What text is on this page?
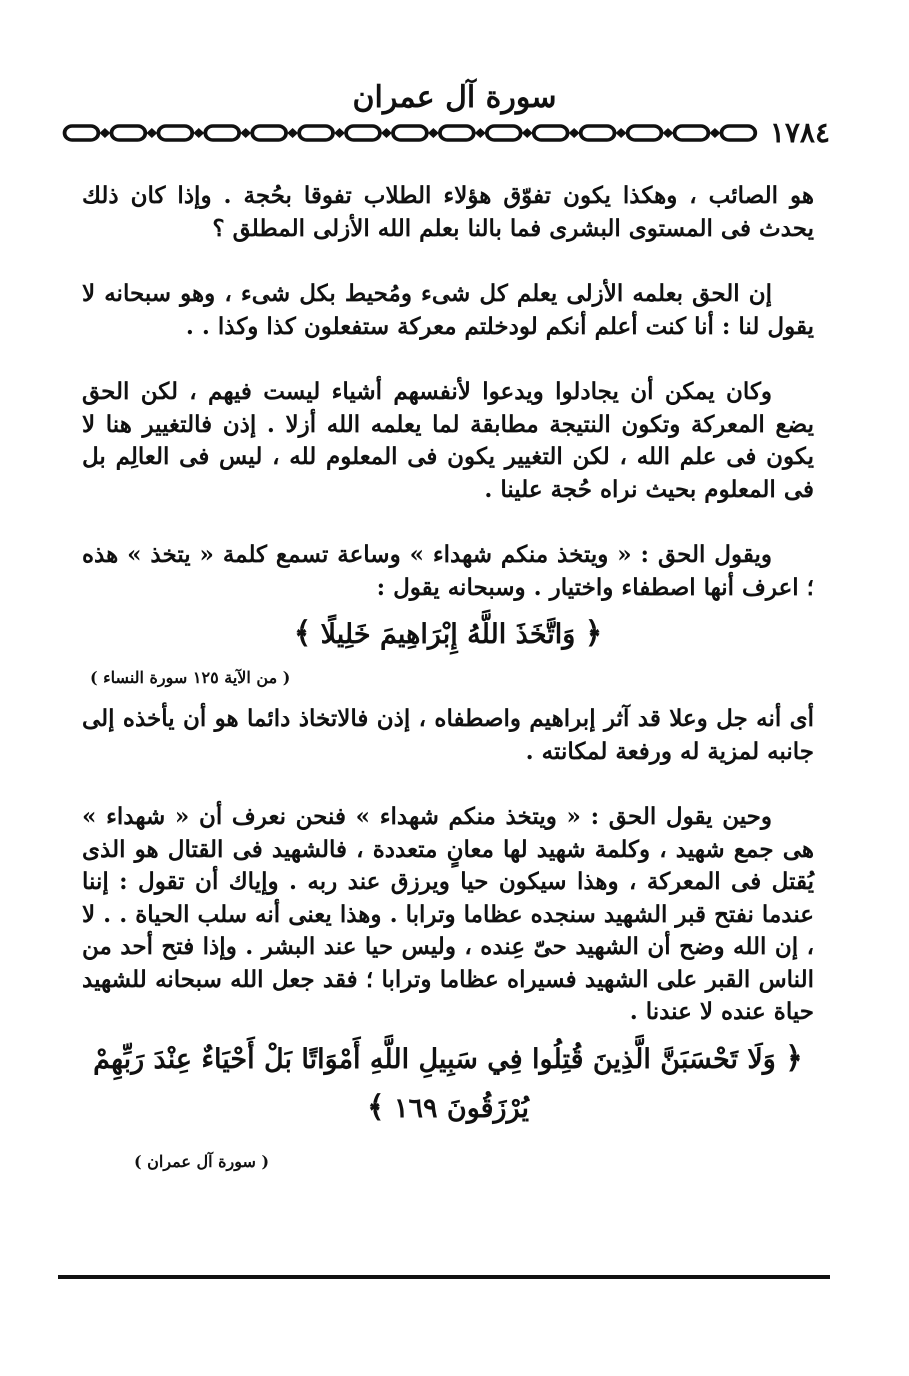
سورة آل عمران
١٧٨٤

هو الصائب ، وهكذا يكون تفوّق هؤلاء الطلاب تفوقا بحُجة . وإذا كان ذلك يحدث فى المستوى البشرى فما بالنا بعلم الله الأزلى المطلق ؟

إن الحق بعلمه الأزلى يعلم كل شىء ومُحيط بكل شىء ، وهو سبحانه لا يقول لنا : أنا كنت أعلم أنكم لودخلتم معركة ستفعلون كذا وكذا . .

وكان يمكن أن يجادلوا ويدعوا لأنفسهم أشياء ليست فيهم ، لكن الحق يضع المعركة وتكون النتيجة مطابقة لما يعلمه الله أزلا . إذن فالتغيير هنا لا يكون فى علم الله ، لكن التغيير يكون فى المعلوم لله ، ليس فى العالِم بل فى المعلوم بحيث نراه حُجة علينا .

ويقول الحق : « ويتخذ منكم شهداء » وساعة تسمع كلمة « يتخذ » هذه ؛ اعرف أنها اصطفاء واختيار . وسبحانه يقول :

﴿ وَاتَّخَذَ اللَّهُ إِبْرَاهِيمَ خَلِيلًا ﴾
( من الآية ١٢٥ سورة النساء )

أى أنه جل وعلا قد آثر إبراهيم واصطفاه ، إذن فالاتخاذ دائما هو أن يأخذه إلى جانبه لمزية له ورفعة لمكانته .

وحين يقول الحق : « ويتخذ منكم شهداء » فنحن نعرف أن « شهداء » هى جمع شهيد ، وكلمة شهيد لها معانٍ متعددة ، فالشهيد فى القتال هو الذى يُقتل فى المعركة ، وهذا سيكون حيا ويرزق عند ربه . وإياك أن تقول : إننا عندما نفتح قبر الشهيد سنجده عظاما وترابا . وهذا يعنى أنه سلب الحياة . . لا ، إن الله وضح أن الشهيد حىّ عِنده ، وليس حيا عند البشر . وإذا فتح أحد من الناس القبر على الشهيد فسيراه عظاما وترابا ؛ فقد جعل الله سبحانه للشهيد حياة عنده لا عندنا .

﴿ وَلَا تَحْسَبَنَّ الَّذِينَ قُتِلُوا فِي سَبِيلِ اللَّهِ أَمْوَاتًا بَلْ أَحْيَاءٌ عِنْدَ رَبِّهِمْ يُرْزَقُونَ ١٦٩ ﴾
( سورة آل عمران )
